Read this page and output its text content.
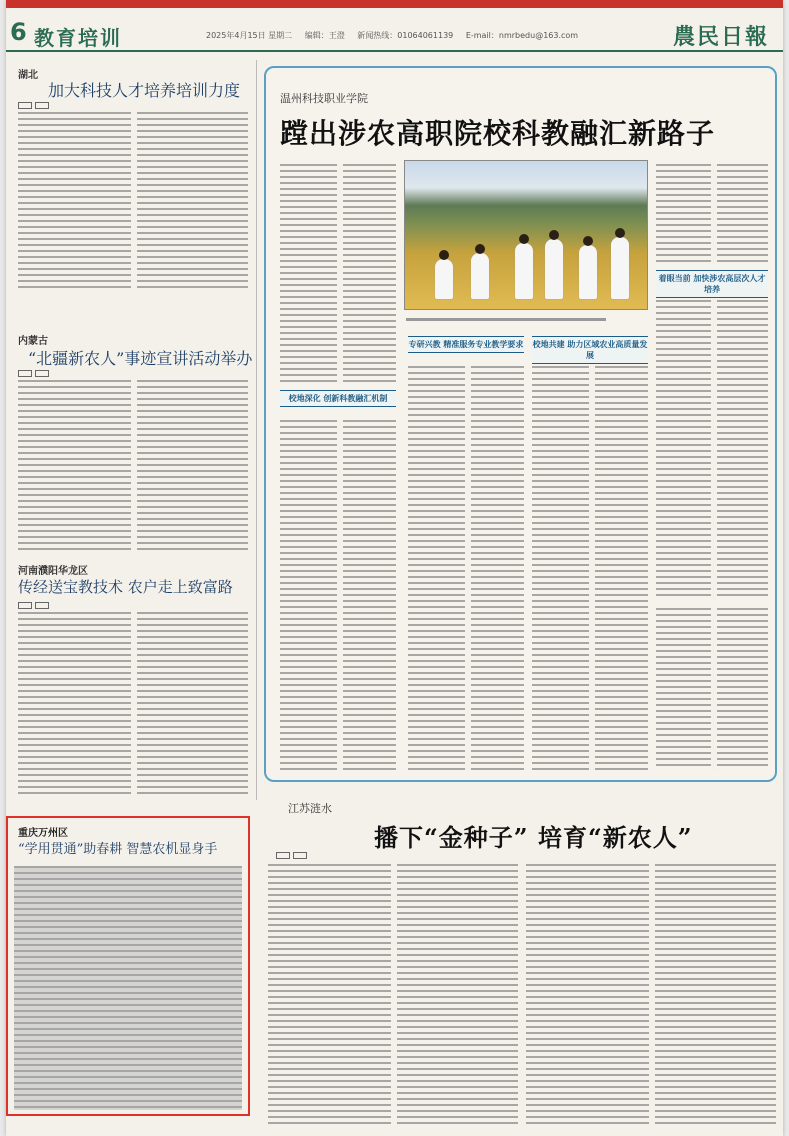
6 教育培训	2025年4月15日 星期二 编辑：王澄 新闻热线：01064061139 E-mail：nmrbedu@163.com	農民日報
湖北
加大科技人才培养培训力度
内蒙古
“北疆新农人”事迹宣讲活动举办
河南濮阳华龙区
传经送宝教技术 农户走上致富路
温州科技职业学院
蹚出涉农高职院校科教融汇新路子
着眼当前 加快涉农高层次人才培养
校地深化 创新科教融汇机制
专研兴教 精准服务专业教学要求 校地共建 助力区域农业高质量发展
江苏涟水
播下“金种子” 培育“新农人”
重庆万州区
“学用贯通”助春耕 智慧农机显身手
